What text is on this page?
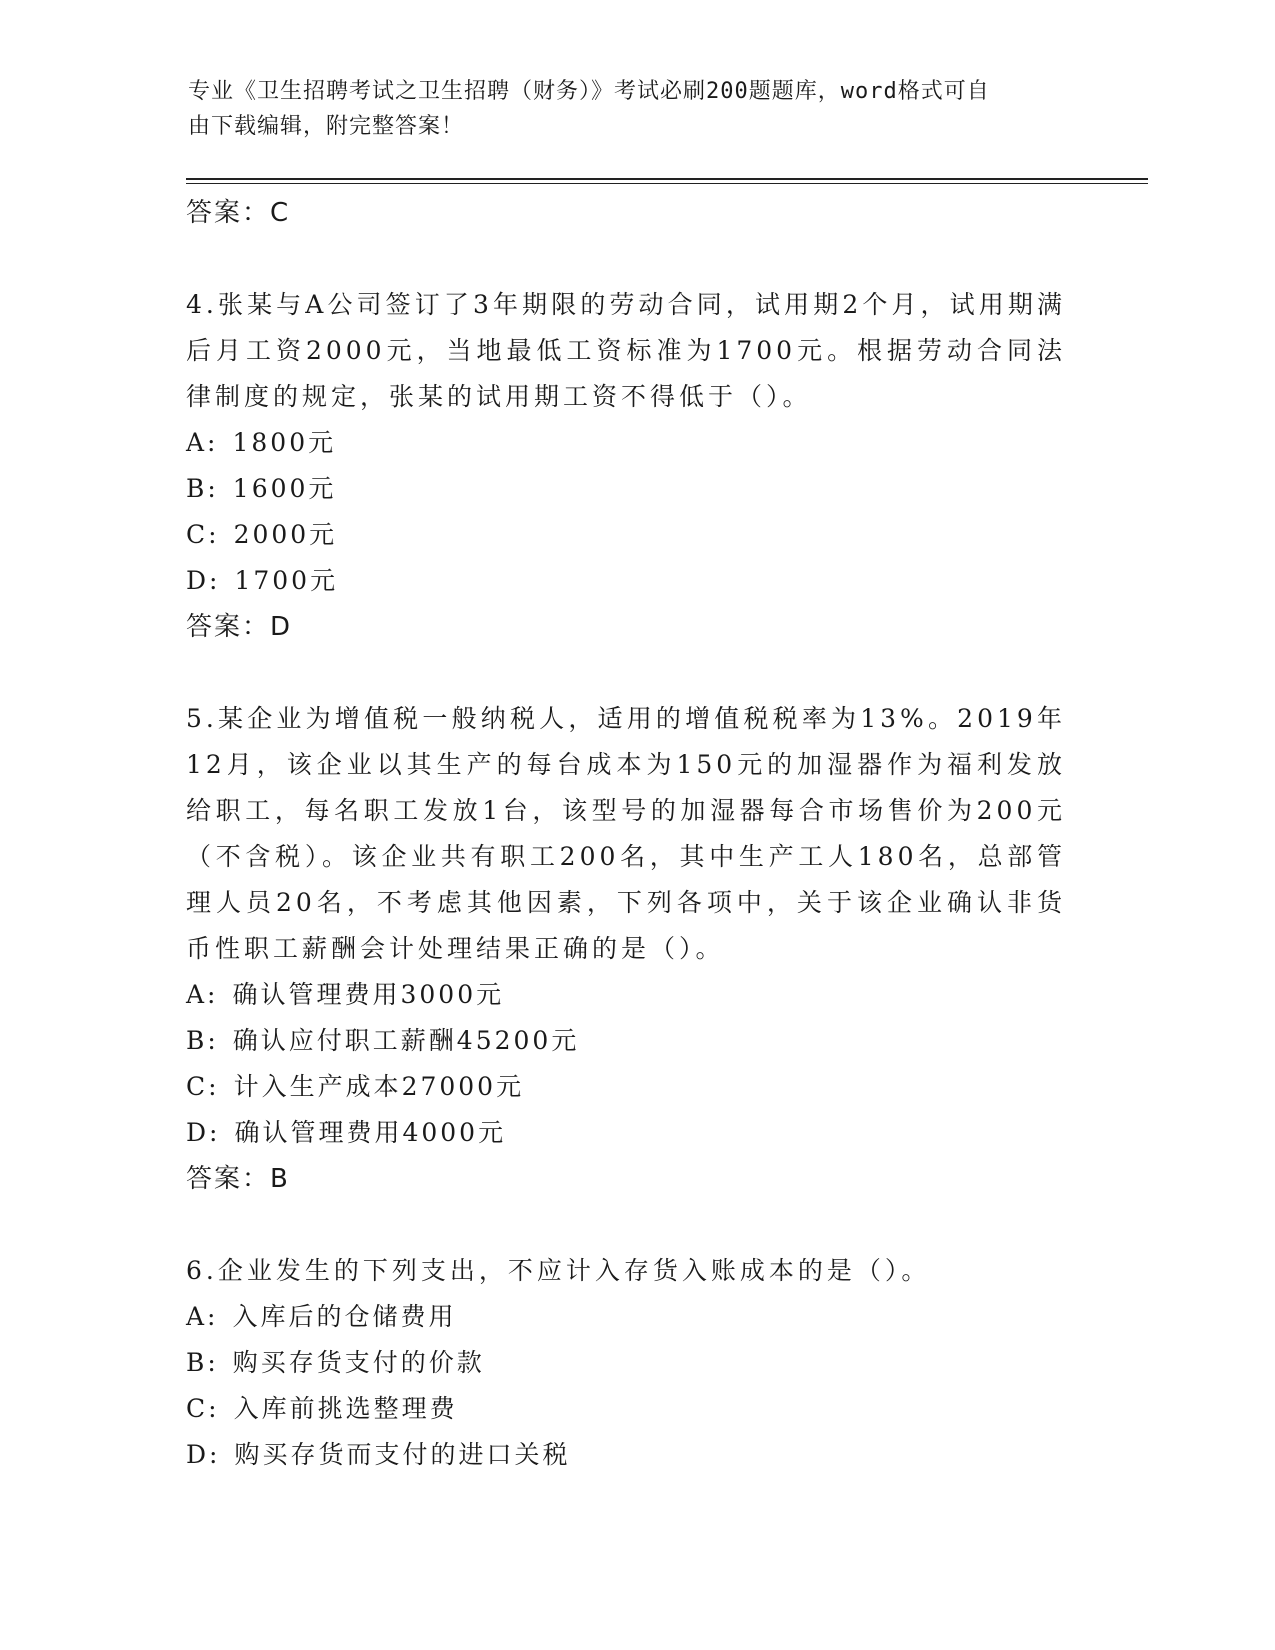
专业《卫生招聘考试之卫生招聘（财务）》考试必刷200题题库，word格式可自
由下载编辑，附完整答案！
答案：C
4.张某与A公司签订了3年期限的劳动合同，试用期2个月，试用期满后月工资2000元，当地最低工资标准为1700元。根据劳动合同法律制度的规定，张某的试用期工资不得低于（）。
A: 1800元
B: 1600元
C: 2000元
D: 1700元
答案：D
5.某企业为增值税一般纳税人，适用的增值税税率为13%。2019年12月，该企业以其生产的每台成本为150元的加湿器作为福利发放给职工，每名职工发放1台，该型号的加湿器每合市场售价为200元（不含税）。该企业共有职工200名，其中生产工人180名，总部管理人员20名，不考虑其他因素，下列各项中，关于该企业确认非货币性职工薪酬会计处理结果正确的是（）。
A: 确认管理费用3000元
B: 确认应付职工薪酬45200元
C: 计入生产成本27000元
D: 确认管理费用4000元
答案：B
6.企业发生的下列支出，不应计入存货入账成本的是（）。
A: 入库后的仓储费用
B: 购买存货支付的价款
C: 入库前挑选整理费
D: 购买存货而支付的进口关税
